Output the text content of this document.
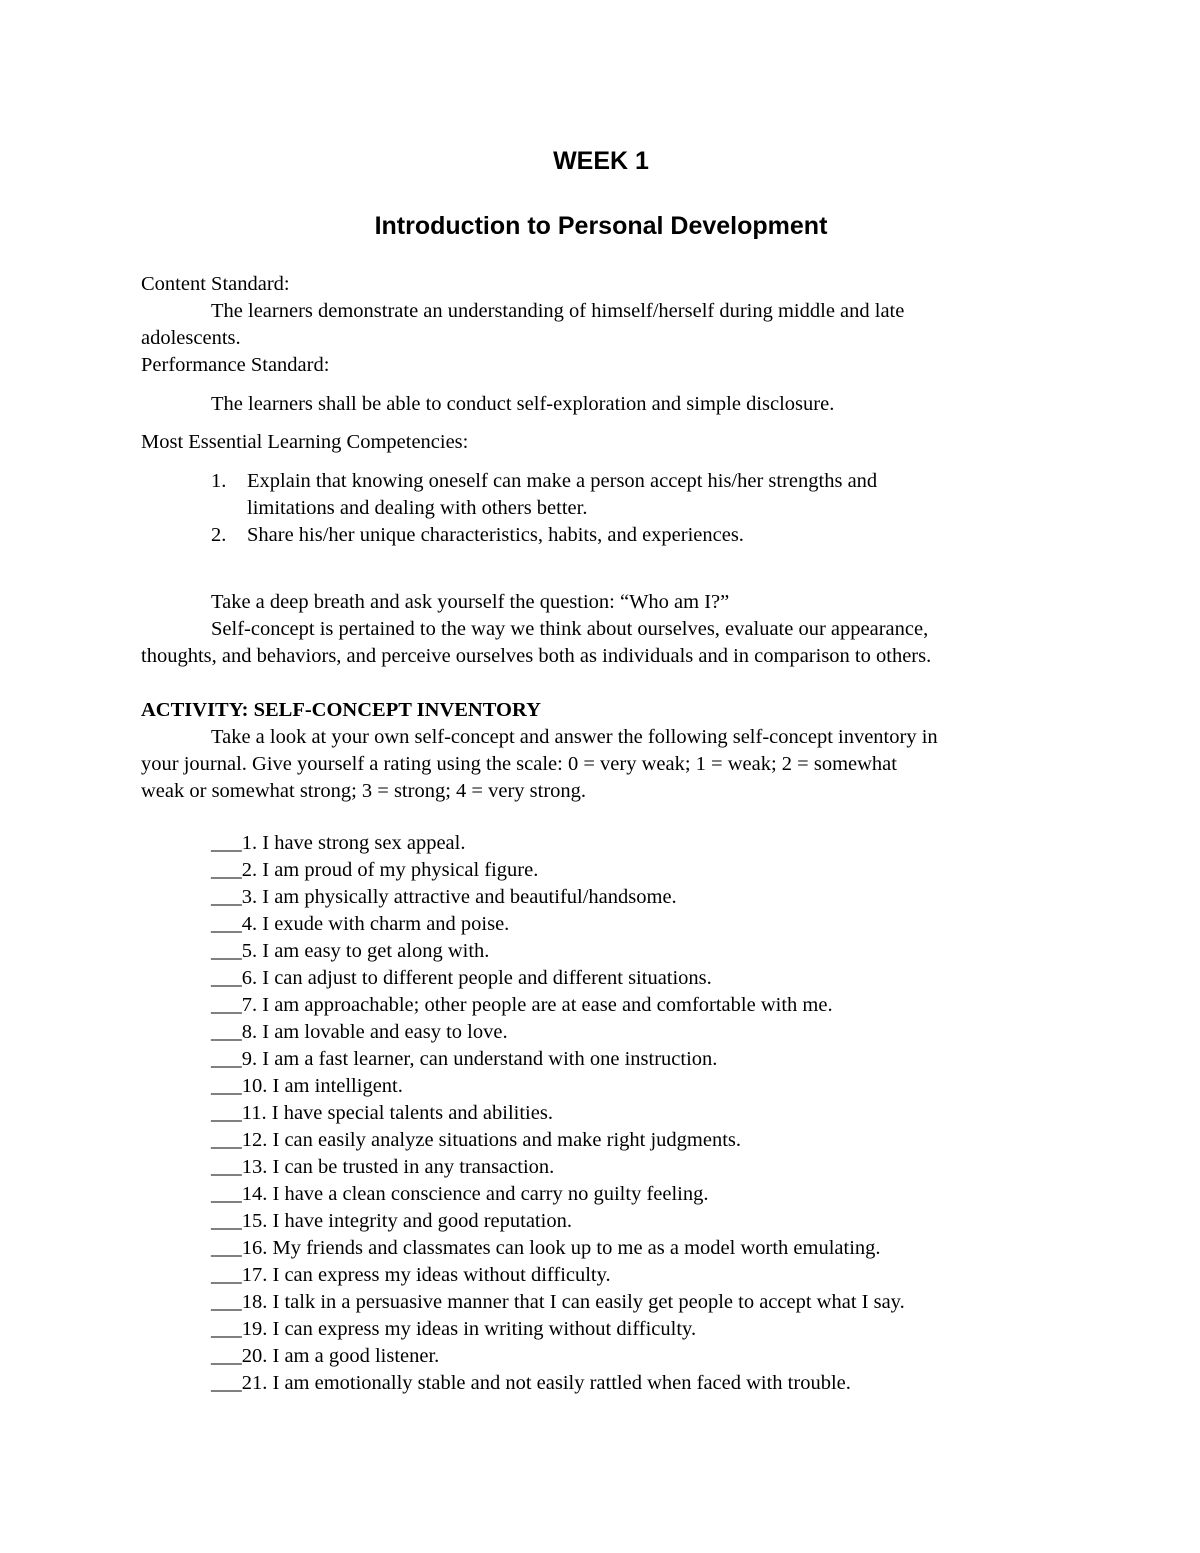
WEEK 1
Introduction to Personal Development

Content Standard:

The learners demonstrate an understanding of himself/herself during middle and late

adolescents.

Performance Standard:

The learners shall be able to conduct self-exploration and simple disclosure.

Most Essential Learning Competencies:

1. Explain that knowing oneself can make a person accept his/her strengths and
limitations and dealing with others better.
2. Share his/her unique characteristics, habits, and experiences.

Take a deep breath and ask yourself the question: “Who am I?”

Self-concept is pertained to the way we think about ourselves, evaluate our appearance,

thoughts, and behaviors, and perceive ourselves both as individuals and in comparison to others.

ACTIVITY: SELF-CONCEPT INVENTORY

Take a look at your own self-concept and answer the following self-concept inventory in

your journal. Give yourself a rating using the scale: 0 = very weak; 1 = weak; 2 = somewhat

weak or somewhat strong; 3 = strong; 4 = very strong.

___1. I have strong sex appeal.
___2. I am proud of my physical figure.
___3. I am physically attractive and beautiful/handsome.
___4. I exude with charm and poise.
___5. I am easy to get along with.
___6. I can adjust to different people and different situations.
___7. I am approachable; other people are at ease and comfortable with me.
___8. I am lovable and easy to love.
___9. I am a fast learner, can understand with one instruction.
___10. I am intelligent.
___11. I have special talents and abilities.
___12. I can easily analyze situations and make right judgments.
___13. I can be trusted in any transaction.
___14. I have a clean conscience and carry no guilty feeling.
___15. I have integrity and good reputation.
___16. My friends and classmates can look up to me as a model worth emulating.
___17. I can express my ideas without difficulty.
___18. I talk in a persuasive manner that I can easily get people to accept what I say.
___19. I can express my ideas in writing without difficulty.
___20. I am a good listener.
___21. I am emotionally stable and not easily rattled when faced with trouble.
